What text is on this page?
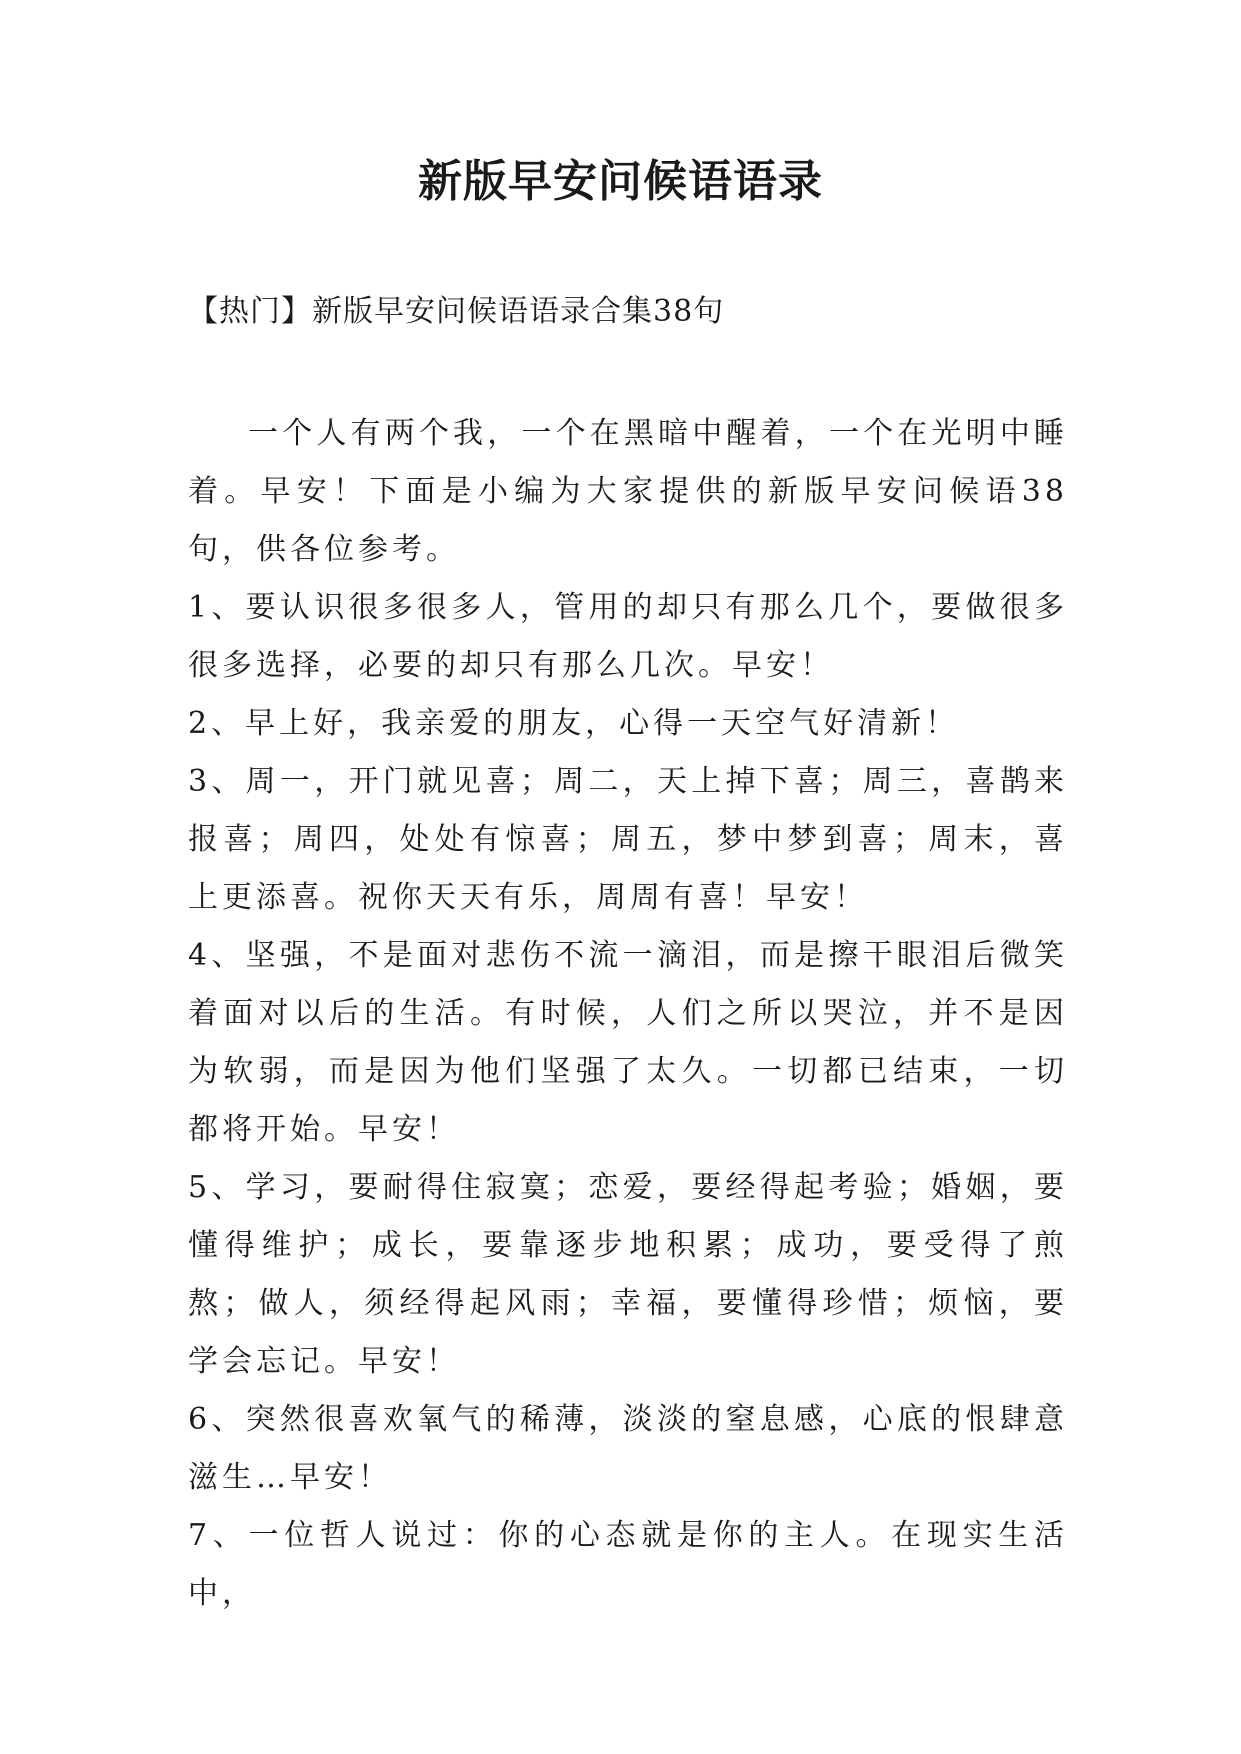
新版早安问候语语录

【热门】新版早安问候语语录合集38句

一个人有两个我，一个在黑暗中醒着，一个在光明中睡着。早安！下面是小编为大家提供的新版早安问候语38句，供各位参考。

1、要认识很多很多人，管用的却只有那么几个，要做很多很多选择，必要的却只有那么几次。早安！

2、早上好，我亲爱的朋友，心得一天空气好清新！

3、周一，开门就见喜；周二，天上掉下喜；周三，喜鹊来报喜；周四，处处有惊喜；周五，梦中梦到喜；周末，喜上更添喜。祝你天天有乐，周周有喜！早安！

4、坚强，不是面对悲伤不流一滴泪，而是擦干眼泪后微笑着面对以后的生活。有时候，人们之所以哭泣，并不是因为软弱，而是因为他们坚强了太久。一切都已结束，一切都将开始。早安！

5、学习，要耐得住寂寞；恋爱，要经得起考验；婚姻，要懂得维护；成长，要靠逐步地积累；成功，要受得了煎熬；做人，须经得起风雨；幸福，要懂得珍惜；烦恼，要学会忘记。早安！

6、突然很喜欢氧气的稀薄，淡淡的窒息感，心底的恨肆意滋生…早安！

7、一位哲人说过：你的心态就是你的主人。在现实生活中，
